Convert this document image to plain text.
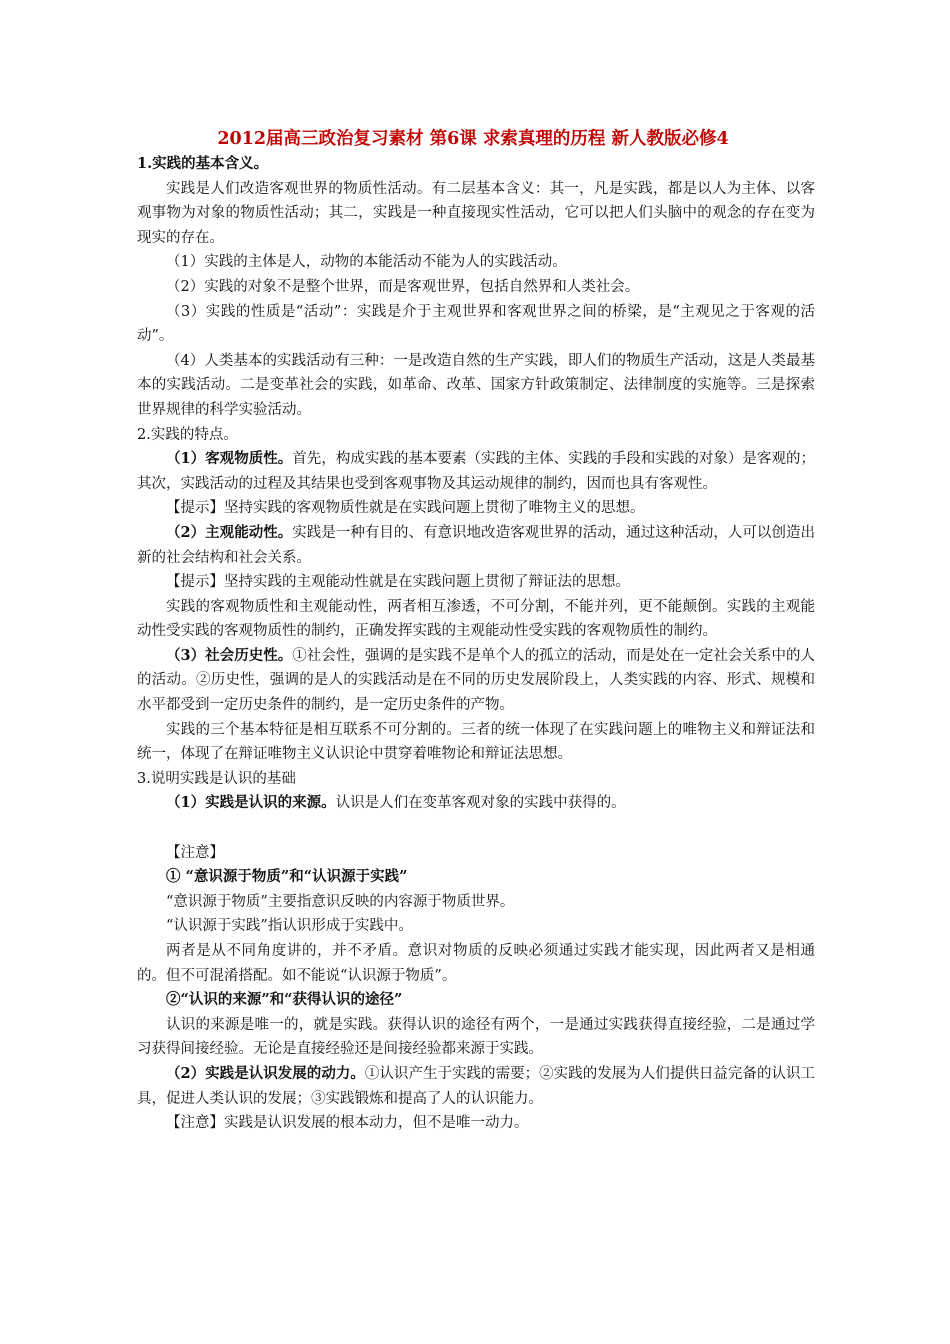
2012届高三政治复习素材 第6课 求索真理的历程 新人教版必修4

1.实践的基本含义。

实践是人们改造客观世界的物质性活动。有二层基本含义：其一，凡是实践，都是以人为主体、以客观事物为对象的物质性活动；其二，实践是一种直接现实性活动，它可以把人们头脑中的观念的存在变为现实的存在。

（1）实践的主体是人，动物的本能活动不能为人的实践活动。

（2）实践的对象不是整个世界，而是客观世界，包括自然界和人类社会。

（3）实践的性质是“活动”：实践是介于主观世界和客观世界之间的桥梁，是“主观见之于客观的活动”。

（4）人类基本的实践活动有三种：一是改造自然的生产实践，即人们的物质生产活动，这是人类最基本的实践活动。二是变革社会的实践，如革命、改革、国家方针政策制定、法律制度的实施等。三是探索世界规律的科学实验活动。

2.实践的特点。

（1）客观物质性。首先，构成实践的基本要素（实践的主体、实践的手段和实践的对象）是客观的；其次，实践活动的过程及其结果也受到客观事物及其运动规律的制约，因而也具有客观性。

【提示】坚持实践的客观物质性就是在实践问题上贯彻了唯物主义的思想。

（2）主观能动性。实践是一种有目的、有意识地改造客观世界的活动，通过这种活动，人可以创造出新的社会结构和社会关系。

【提示】坚持实践的主观能动性就是在实践问题上贯彻了辩证法的思想。

实践的客观物质性和主观能动性，两者相互渗透，不可分割，不能并列，更不能颠倒。实践的主观能动性受实践的客观物质性的制约，正确发挥实践的主观能动性受实践的客观物质性的制约。

（3）社会历史性。①社会性，强调的是实践不是单个人的孤立的活动，而是处在一定社会关系中的人的活动。②历史性，强调的是人的实践活动是在不同的历史发展阶段上，人类实践的内容、形式、规模和水平都受到一定历史条件的制约，是一定历史条件的产物。

实践的三个基本特征是相互联系不可分割的。三者的统一体现了在实践问题上的唯物主义和辩证法和统一，体现了在辩证唯物主义认识论中贯穿着唯物论和辩证法思想。

3.说明实践是认识的基础

（1）实践是认识的来源。认识是人们在变革客观对象的实践中获得的。

【注意】

① “意识源于物质”和“认识源于实践”

“意识源于物质”主要指意识反映的内容源于物质世界。

“认识源于实践”指认识形成于实践中。

两者是从不同角度讲的，并不矛盾。意识对物质的反映必须通过实践才能实现，因此两者又是相通的。但不可混淆搭配。如不能说“认识源于物质”。

②“认识的来源”和“获得认识的途径”

认识的来源是唯一的，就是实践。获得认识的途径有两个，一是通过实践获得直接经验，二是通过学习获得间接经验。无论是直接经验还是间接经验都来源于实践。

（2）实践是认识发展的动力。①认识产生于实践的需要；②实践的发展为人们提供日益完备的认识工具，促进人类认识的发展；③实践锻炼和提高了人的认识能力。

【注意】实践是认识发展的根本动力，但不是唯一动力。
